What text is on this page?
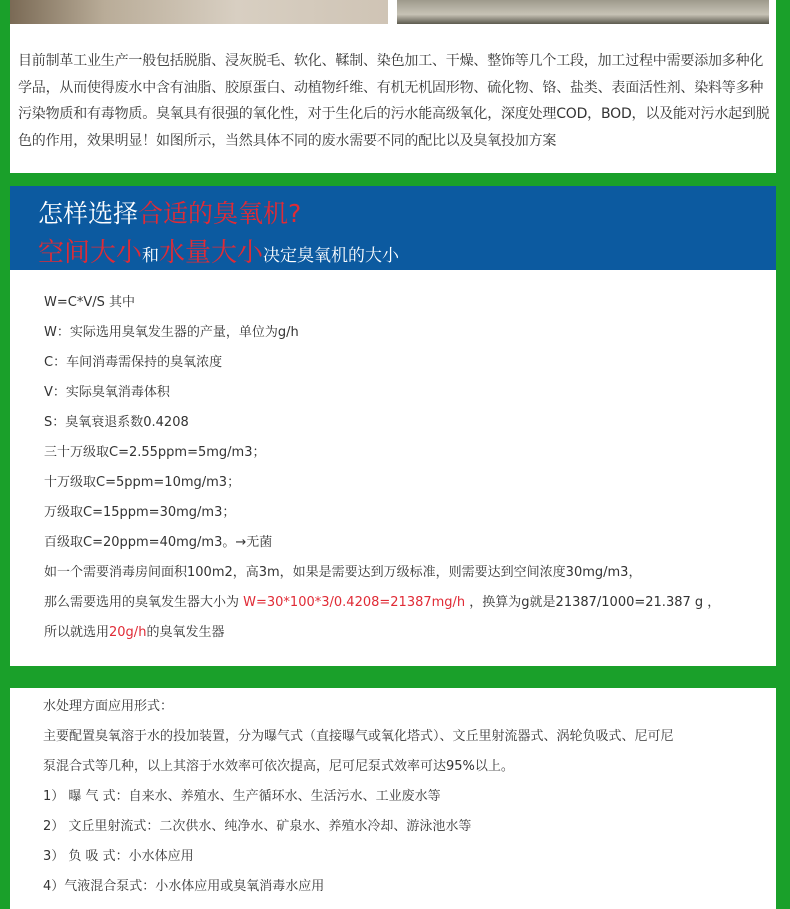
目前制革工业生产一般包括脱脂、浸灰脱毛、软化、鞣制、染色加工、干燥、整饰等几个工段，加工过程中需要添加多种化学品，从而使得废水中含有油脂、胶原蛋白、动植物纤维、有机无机固形物、硫化物、铬、盐类、表面活性剂、染料等多种污染物质和有毒物质。臭氧具有很强的氧化性，对于生化后的污水能高级氧化，深度处理COD，BOD，以及能对污水起到脱色的作用，效果明显！如图所示，当然具体不同的废水需要不同的配比以及臭氧投加方案

怎样选择合适的臭氧机?
空间大小和水量大小决定臭氧机的大小
W=C*V/S 其中
W：实际选用臭氧发生器的产量，单位为g/h
C：车间消毒需保持的臭氧浓度
V：实际臭氧消毒体积
S：臭氧衰退系数0.4208
三十万级取C=2.55ppm=5mg/m3；
十万级取C=5ppm=10mg/m3；
万级取C=15ppm=30mg/m3；
百级取C=20ppm=40mg/m3。→无菌
如一个需要消毒房间面积100m2，高3m，如果是需要达到万级标准，则需要达到空间浓度30mg/m3，
那么需要选用的臭氧发生器大小为 W=30*100*3/0.4208=21387mg/h ，换算为g就是21387/1000=21.387 g ，
所以就选用20g/h的臭氧发生器
水处理方面应用形式：
主要配置臭氧溶于水的投加装置，分为曝气式（直接曝气或氧化塔式）、文丘里射流器式、涡轮负吸式、尼可尼
泵混合式等几种，以上其溶于水效率可依次提高，尼可尼泵式效率可达95%以上。
1） 曝 气 式：自来水、养殖水、生产循环水、生活污水、工业废水等
2） 文丘里射流式：二次供水、纯净水、矿泉水、养殖水冷却、游泳池水等
3） 负 吸 式：小水体应用
4）气液混合泵式：小水体应用或臭氧消毒水应用
